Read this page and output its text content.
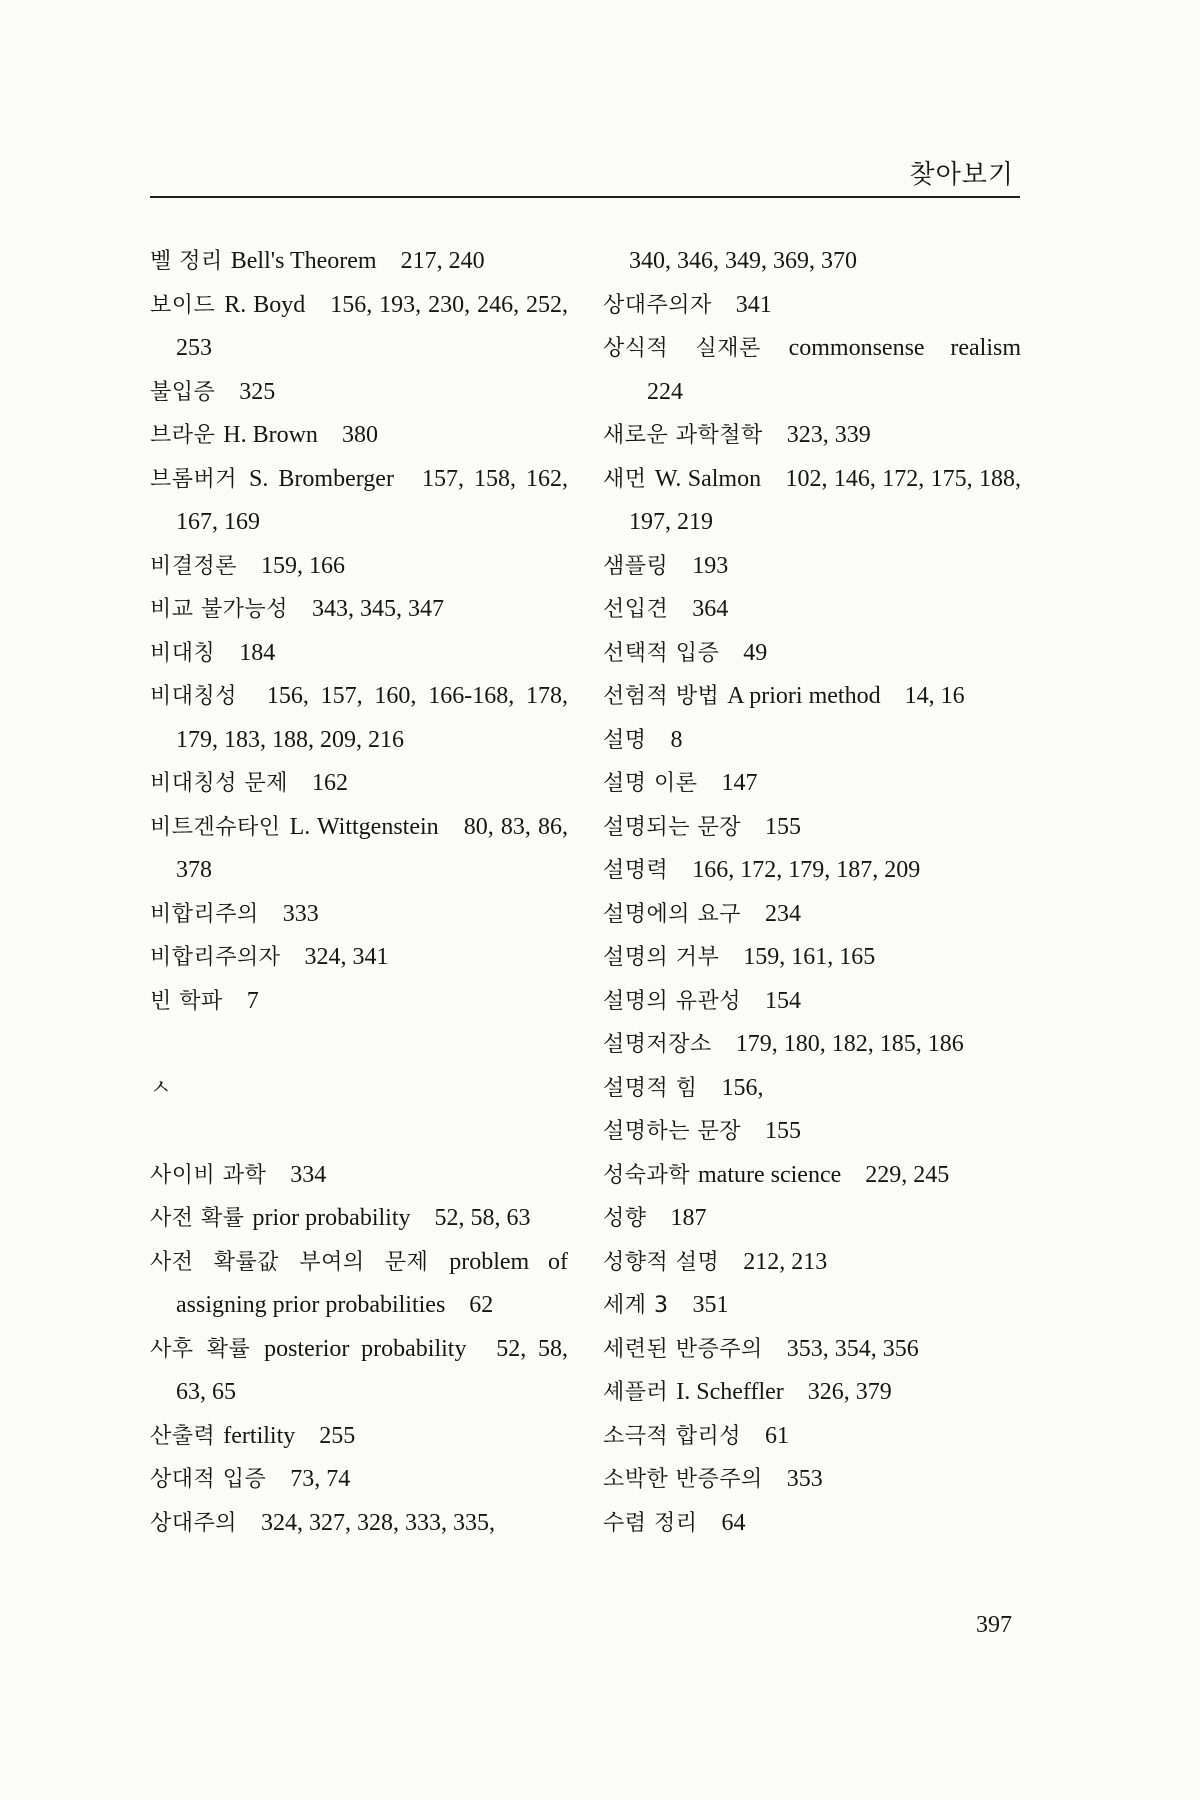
찾아보기
벨 정리 Bell's Theorem 217, 240
보이드 R. Boyd 156, 193, 230, 246, 252, 253
불입증 325
브라운 H. Brown 380
브롬버거 S. Bromberger 157, 158, 162, 167, 169
비결정론 159, 166
비교 불가능성 343, 345, 347
비대칭 184
비대칭성 156, 157, 160, 166-168, 178, 179, 183, 188, 209, 216
비대칭성 문제 162
비트겐슈타인 L. Wittgenstein 80, 83, 86, 378
비합리주의 333
비합리주의자 324, 341
빈 학파 7
ㅅ
사이비 과학 334
사전 확률 prior probability 52, 58, 63
사전 확률값 부여의 문제 problem of assigning prior probabilities 62
사후 확률 posterior probability 52, 58, 63, 65
산출력 fertility 255
상대적 입증 73, 74
상대주의 324, 327, 328, 333, 335,
340, 346, 349, 369, 370
상대주의자 341
상식적 실재론 commonsense realism 224
새로운 과학철학 323, 339
새먼 W. Salmon 102, 146, 172, 175, 188, 197, 219
샘플링 193
선입견 364
선택적 입증 49
선험적 방법 A priori method 14, 16
설명 8
설명 이론 147
설명되는 문장 155
설명력 166, 172, 179, 187, 209
설명에의 요구 234
설명의 거부 159, 161, 165
설명의 유관성 154
설명저장소 179, 180, 182, 185, 186
설명적 힘 156,
설명하는 문장 155
성숙과학 mature science 229, 245
성향 187
성향적 설명 212, 213
세계 3 351
세련된 반증주의 353, 354, 356
셰플러 I. Scheffler 326, 379
소극적 합리성 61
소박한 반증주의 353
수렴 정리 64
397
